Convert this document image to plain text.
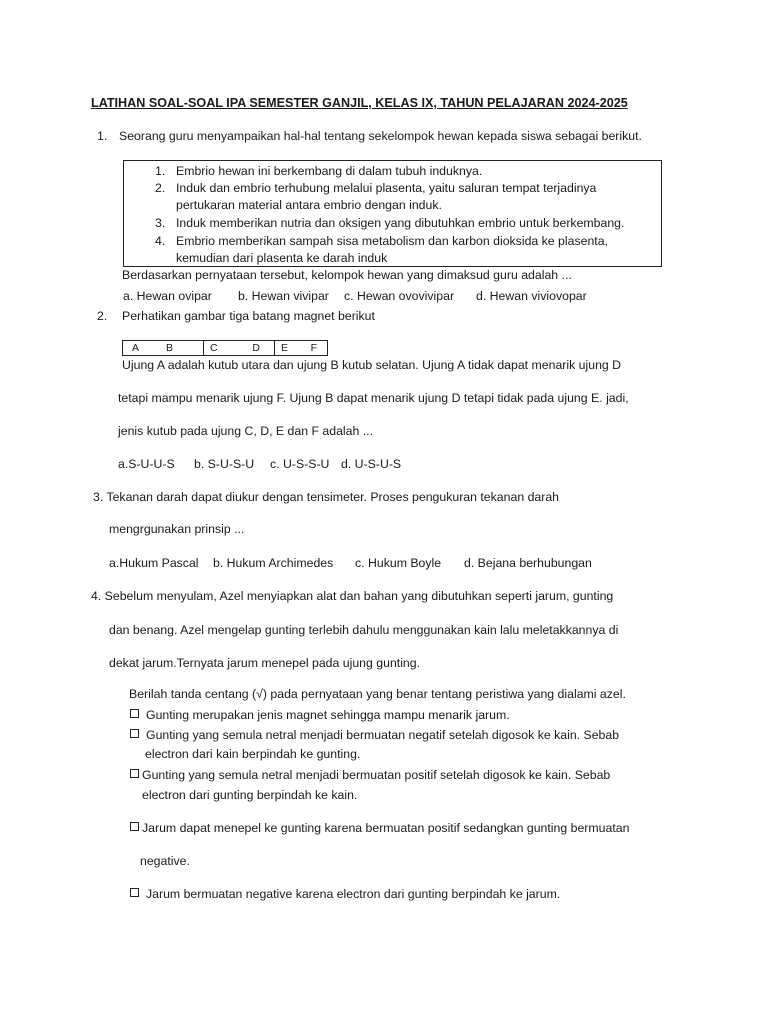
LATIHAN SOAL-SOAL IPA SEMESTER GANJIL, KELAS IX, TAHUN PELAJARAN 2024-2025
1. Seorang guru menyampaikan hal-hal tentang sekelompok hewan kepada siswa sebagai berikut.
1. Embrio hewan ini berkembang di dalam tubuh induknya.
2. Induk dan embrio terhubung melalui plasenta, yaitu saluran tempat terjadinya
pertukaran material antara embrio dengan induk.
3. Induk memberikan nutria dan oksigen yang dibutuhkan embrio untuk berkembang.
4. Embrio memberikan sampah sisa metabolism dan karbon dioksida ke plasenta,
kemudian dari plasenta ke darah induk
Berdasarkan pernyataan tersebut, kelompok hewan yang dimaksud guru adalah ...
a. Hewan ovipar b. Hewan vivipar c. Hewan ovovivipar d. Hewan viviovopar
2. Perhatikan gambar tiga batang magnet berikut
A	B	C	D E F
Ujung A adalah kutub utara dan ujung B kutub selatan. Ujung A tidak dapat menarik ujung D
tetapi mampu menarik ujung F. Ujung B dapat menarik ujung D tetapi tidak pada ujung E. jadi,
jenis kutub pada ujung C, D, E dan F adalah ...
a.S-U-U-S b. S-U-S-U c. U-S-S-U d. U-S-U-S
3. Tekanan darah dapat diukur dengan tensimeter. Proses pengukuran tekanan darah
mengrgunakan prinsip ...
a.Hukum Pascal b. Hukum Archimedes c. Hukum Boyle d. Bejana berhubungan
4. Sebelum menyulam, Azel menyiapkan alat dan bahan yang dibutuhkan seperti jarum, gunting
dan benang. Azel mengelap gunting terlebih dahulu menggunakan kain lalu meletakkannya di
dekat jarum.Ternyata jarum menepel pada ujung gunting.
Berilah tanda centang (√) pada pernyataan yang benar tentang peristiwa yang dialami azel.
Gunting merupakan jenis magnet sehingga mampu menarik jarum.
Gunting yang semula netral menjadi bermuatan negatif setelah digosok ke kain. Sebab
electron dari kain berpindah ke gunting.
Gunting yang semula netral menjadi bermuatan positif setelah digosok ke kain. Sebab
electron dari gunting berpindah ke kain.
Jarum dapat menepel ke gunting karena bermuatan positif sedangkan gunting bermuatan
negative.
Jarum bermuatan negative karena electron dari gunting berpindah ke jarum.
